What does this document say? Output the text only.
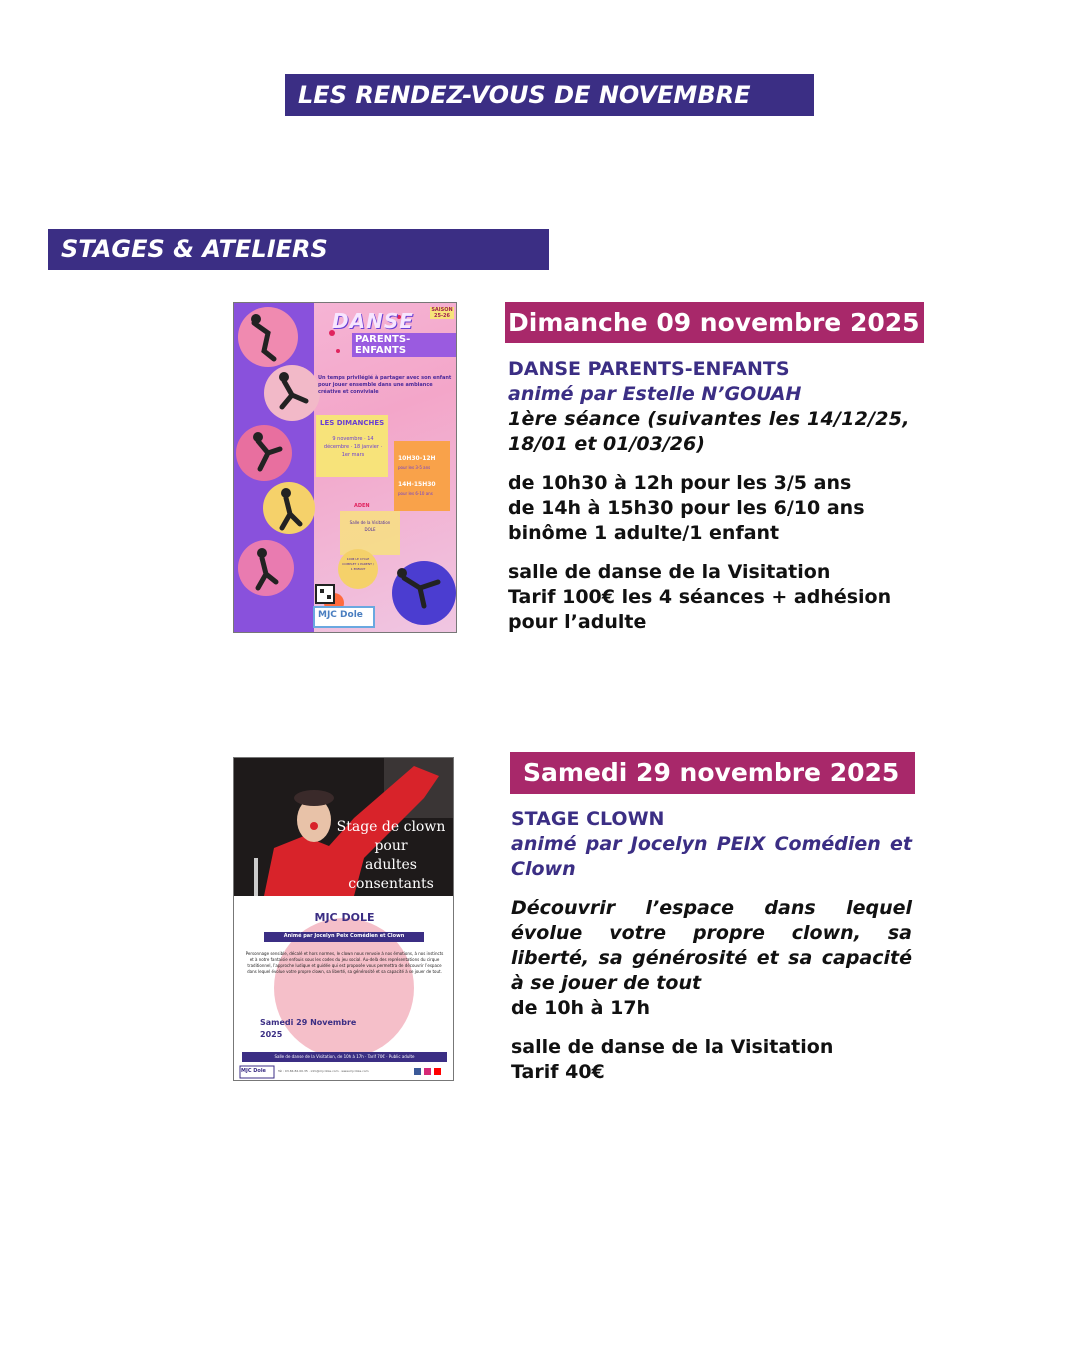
LES RENDEZ-VOUS DE NOVEMBRE
STAGES & ATELIERS
DANSE
PARENTS- ENFANTS
SAISON 25-26
Un temps privilégié à partager avec son enfant pour jouer ensemble dans une ambiance créative et conviviale
LES DIMANCHES
9 novembre · 14 décembre · 18 janvier · 1er mars	10H30-12H
pour les 3-5 ans
14H-15H30
pour les 6-10 ans
ADEN
Salle de la Visitation DOLE
100€ LE CYCLE COMPLET 1 PARENT / 1 ENFANT
MJC Dole
Dimanche 09 novembre 2025
DANSE PARENTS-ENFANTS
animé par Estelle N’GOUAH
1ère séance (suivantes les 14/12/25,
18/01 et 01/03/26)
de 10h30 à 12h pour les 3/5 ans
de 14h à 15h30 pour les 6/10 ans
binôme 1 adulte/1 enfant
salle de danse de la Visitation
Tarif 100€ les 4 séances + adhésion
pour l’adulte
Stage de clown
pour
adultes
consentants
MJC DOLE
Animé par Jocelyn Peix Comédien et Clown
Personnage sensible, décalé et hors normes, le clown nous renvoie à nos émotions, à nos instincts et à notre fantaisie enfouis sous les codes du jeu social. Au-delà des représentations du cirque traditionnel, l’approche ludique et guidée qui est proposée vous permettra de découvrir l’espace dans lequel évolue votre propre clown, sa liberté, sa générosité et sa capacité à se jouer de tout.
Samedi 29 Novembre
2025
Salle de danse de la Visitation, de 10h à 17h · Tarif 70€ · Public adulte
MJC Dole	Tél : 03.84.82.00.35 · info@mjcdole.com · www.mjcdole.com
Samedi 29 novembre 2025
STAGE CLOWN
animé par Jocelyn PEIX Comédien et Clown
Découvrir l’espace dans lequel évolue votre propre clown, sa liberté, sa générosité et sa capacité à se jouer de tout
de 10h à 17h
salle de danse de la Visitation
Tarif 40€
